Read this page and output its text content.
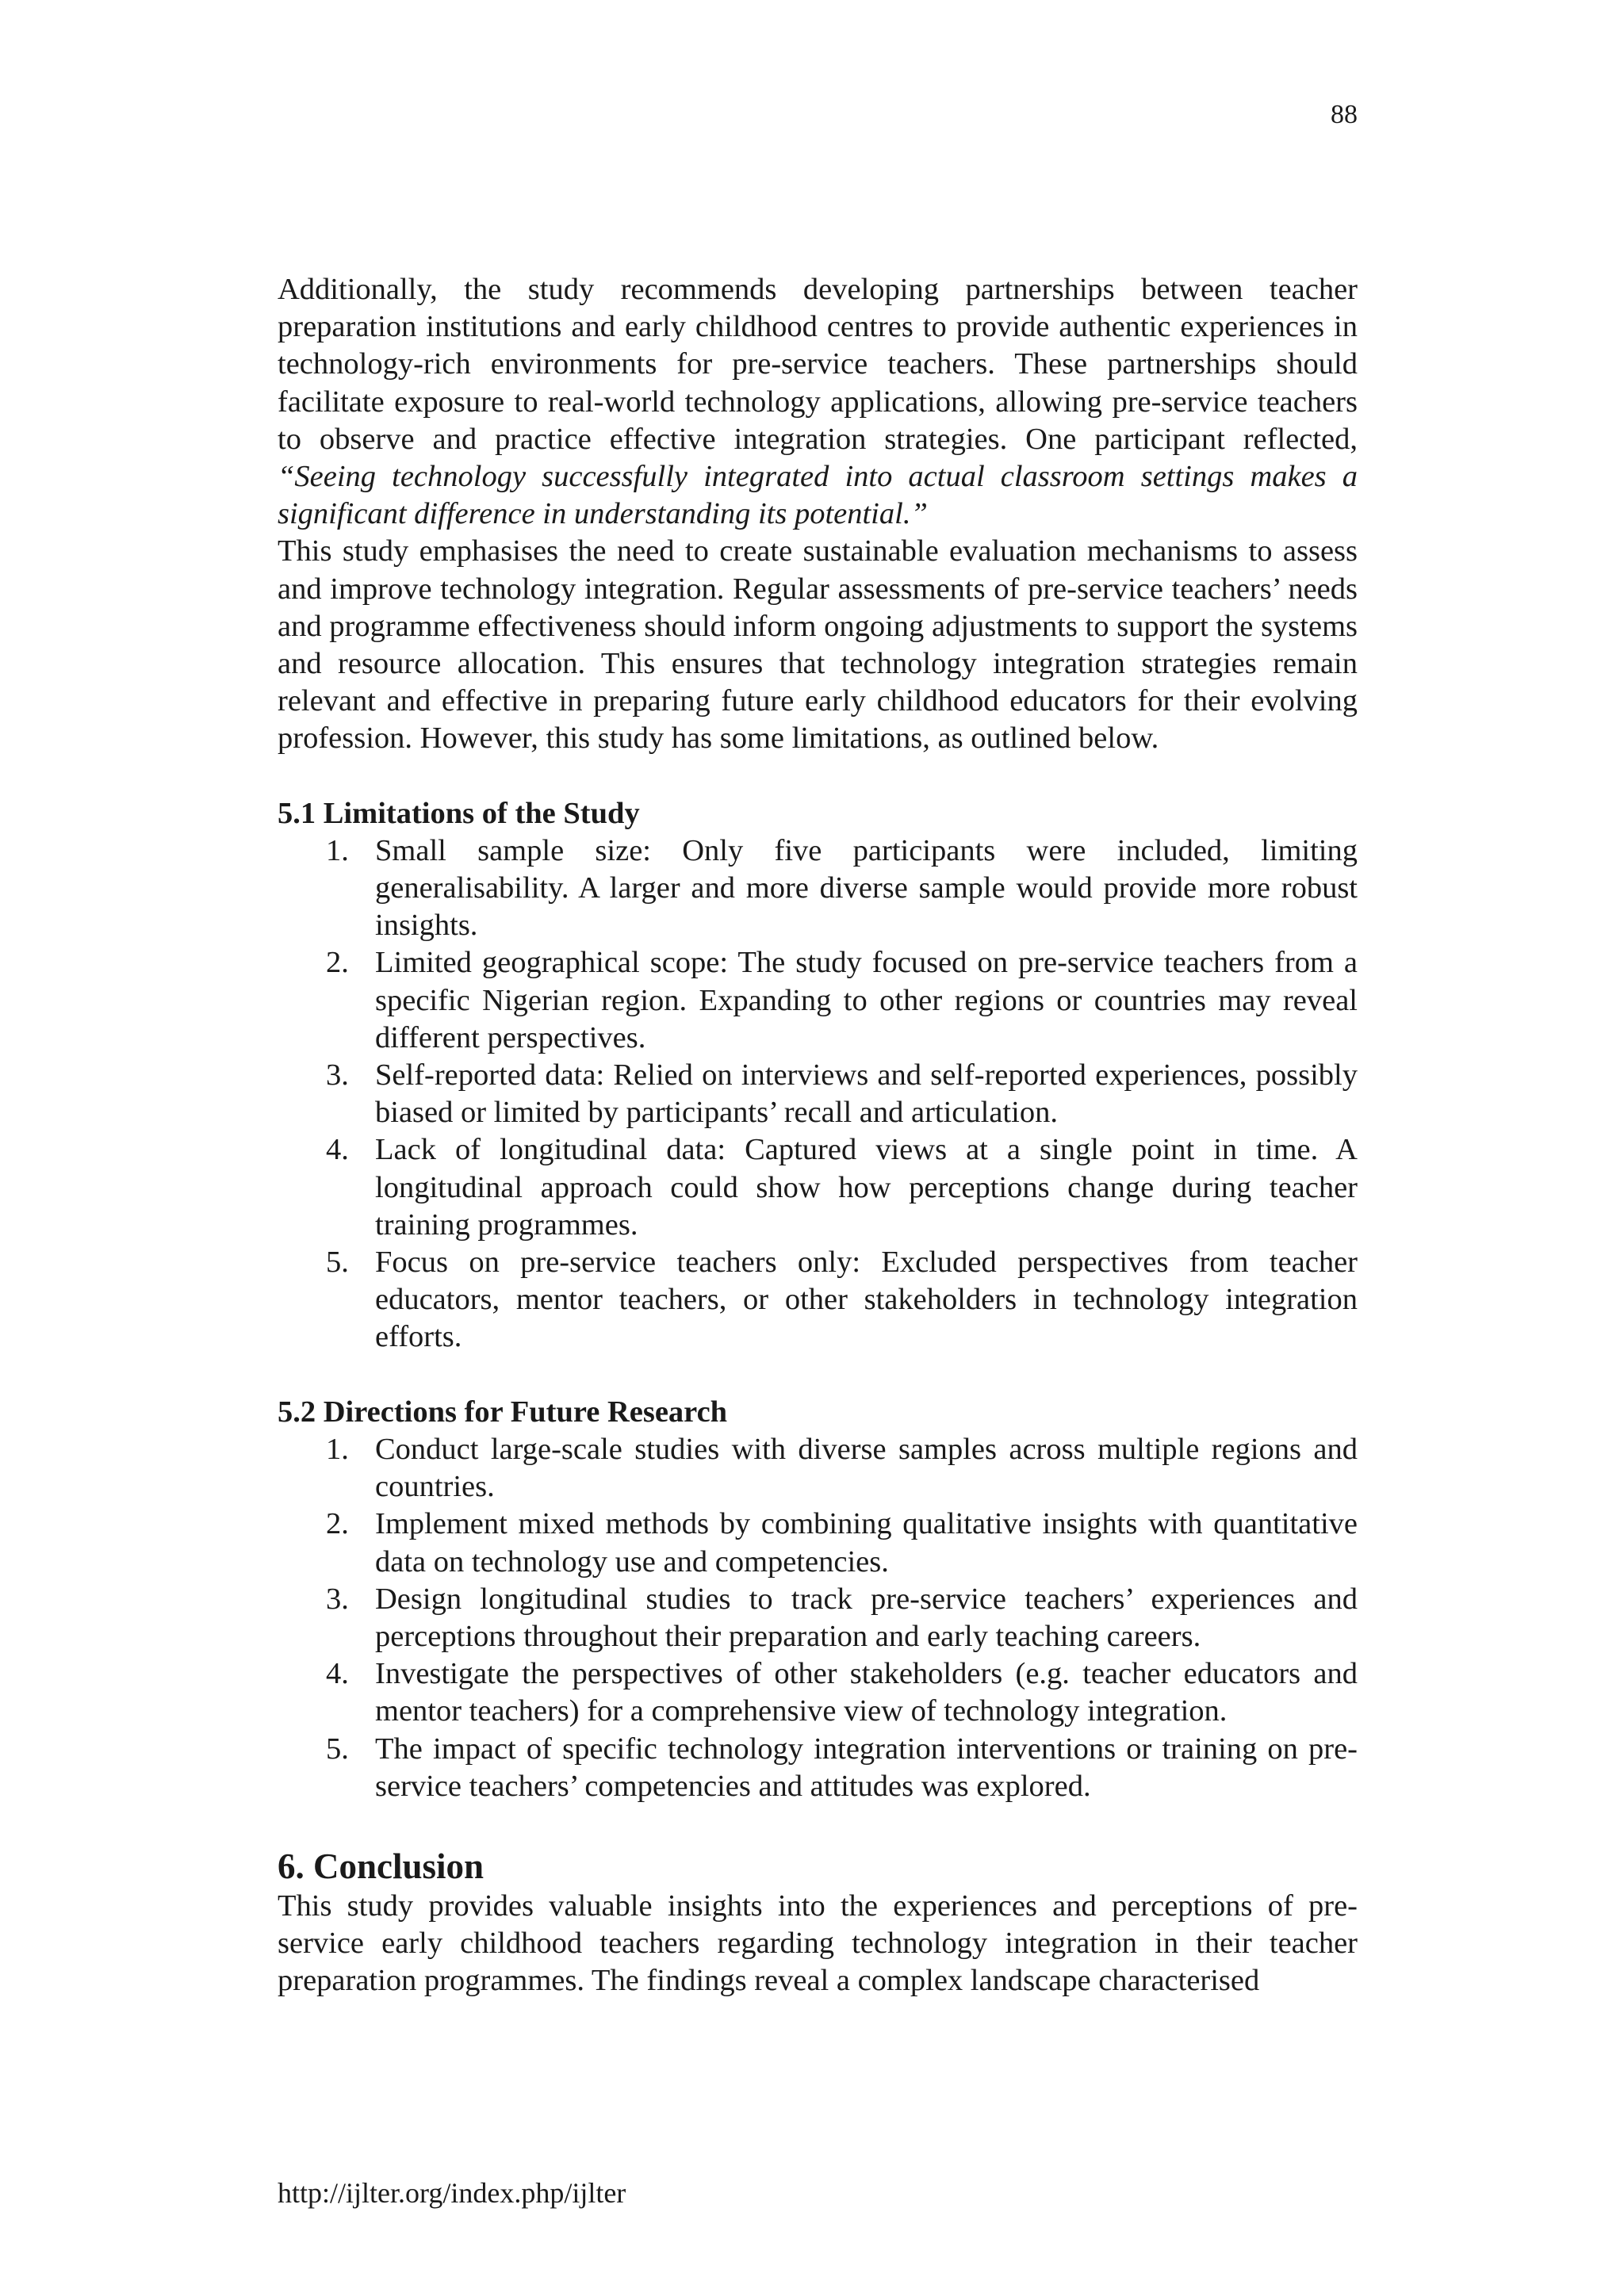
88

Additionally, the study recommends developing partnerships between teacher preparation institutions and early childhood centres to provide authentic experiences in technology-rich environments for pre-service teachers. These partnerships should facilitate exposure to real-world technology applications, allowing pre-service teachers to observe and practice effective integration strategies. One participant reflected, “Seeing technology successfully integrated into actual classroom settings makes a significant difference in understanding its potential.”

This study emphasises the need to create sustainable evaluation mechanisms to assess and improve technology integration. Regular assessments of pre-service teachers’ needs and programme effectiveness should inform ongoing adjustments to support the systems and resource allocation. This ensures that technology integration strategies remain relevant and effective in preparing future early childhood educators for their evolving profession. However, this study has some limitations, as outlined below.

5.1 Limitations of the Study
1. Small sample size: Only five participants were included, limiting generalisability. A larger and more diverse sample would provide more robust insights.
2. Limited geographical scope: The study focused on pre-service teachers from a specific Nigerian region. Expanding to other regions or countries may reveal different perspectives.
3. Self-reported data: Relied on interviews and self-reported experiences, possibly biased or limited by participants’ recall and articulation.
4. Lack of longitudinal data: Captured views at a single point in time. A longitudinal approach could show how perceptions change during teacher training programmes.
5. Focus on pre-service teachers only: Excluded perspectives from teacher educators, mentor teachers, or other stakeholders in technology integration efforts.
5.2 Directions for Future Research
1. Conduct large-scale studies with diverse samples across multiple regions and countries.
2. Implement mixed methods by combining qualitative insights with quantitative data on technology use and competencies.
3. Design longitudinal studies to track pre-service teachers’ experiences and perceptions throughout their preparation and early teaching careers.
4. Investigate the perspectives of other stakeholders (e.g. teacher educators and mentor teachers) for a comprehensive view of technology integration.
5. The impact of specific technology integration interventions or training on pre-service teachers’ competencies and attitudes was explored.
6. Conclusion

This study provides valuable insights into the experiences and perceptions of pre-service early childhood teachers regarding technology integration in their teacher preparation programmes. The findings reveal a complex landscape characterised

http://ijlter.org/index.php/ijlter
